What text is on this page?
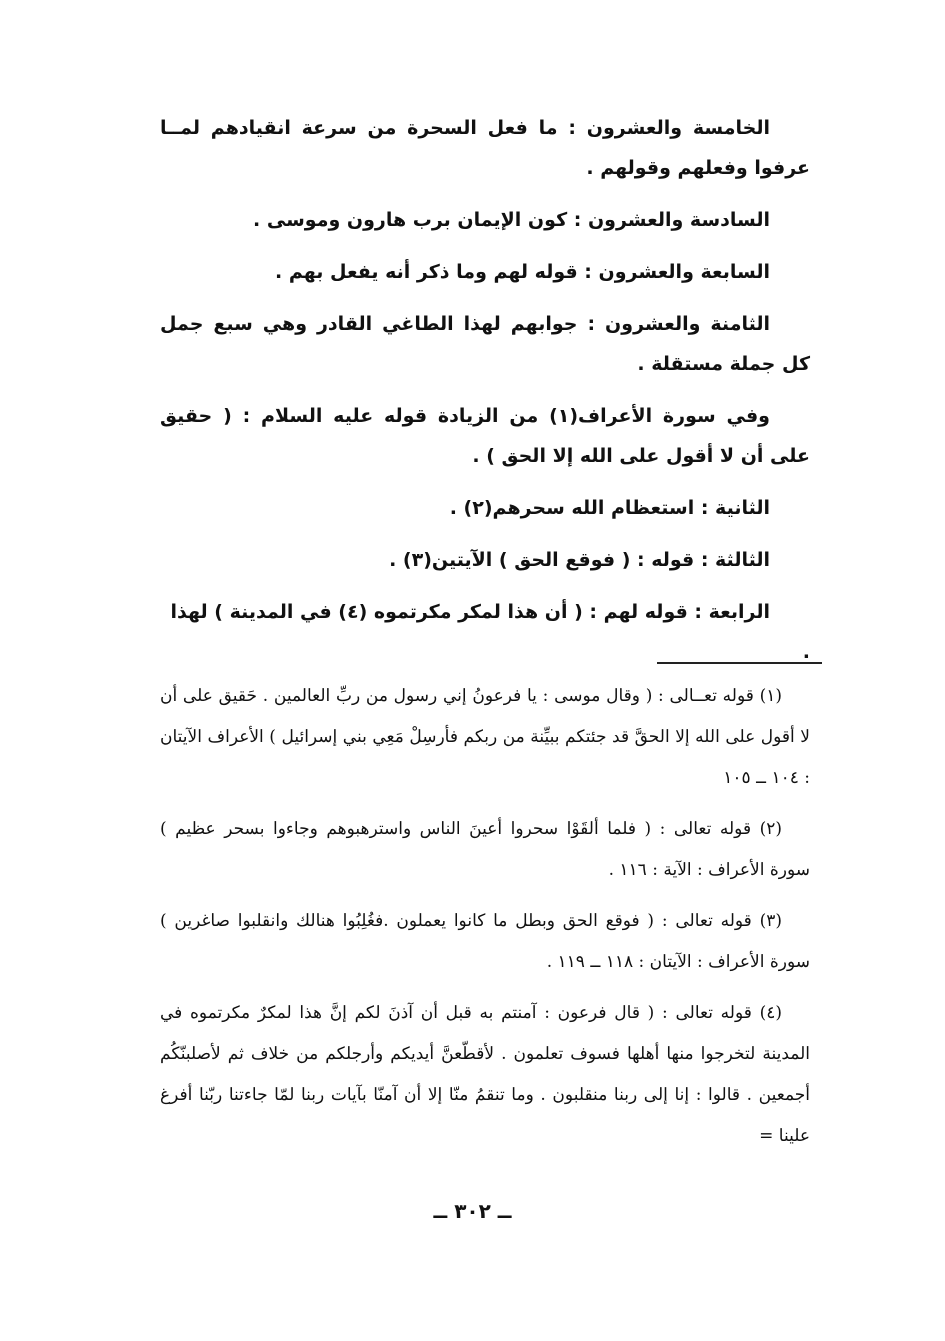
الخامسة والعشرون : ما فعل السحرة من سرعة انقيادهم لمــا عرفوا وفعلهم وقولهم .

السادسة والعشرون : كون الإيمان برب هارون وموسى .

السابعة والعشرون : قوله لهم وما ذكر أنه يفعل بهم .

الثامنة والعشرون : جوابهم لهذا الطاغي القادر وهي سبع جمل كل جملة مستقلة .

وفي سورة الأعراف(١) من الزيادة قوله عليه السلام : ( حقيق على أن لا أقول على الله إلا الحق ) .

الثانية : استعظام الله سحرهم(٢) .

الثالثة : قوله : ( فوقع الحق ) الآيتين(٣) .

الرابعة : قوله لهم : ( أن هذا لمكر مكرتموه (٤) في المدينة ) لهذا .

(١) قوله تعــالى : ( وقال موسى : يا فرعونُ إني رسول من ربِّ العالمين . حَقيق على أن لا أقول على الله إلا الحقَّ قد جئتكم ببيِّنة من ربكم فأرسِلْ مَعِي بني إسرائيل ) الأعراف الآيتان : ١٠٤ ــ ١٠٥

(٢) قوله تعالى : ( فلما ألقَوْا سحروا أعينَ الناس واسترهبوهم وجاءوا بسحر عظيم ) سورة الأعراف : الآية : ١١٦ .

(٣) قوله تعالى : ( فوقع الحق وبطل ما كانوا يعملون .فغُلِبُوا هنالك وانقلبوا صاغرين ) سورة الأعراف : الآيتان : ١١٨ ــ ١١٩ .

(٤) قوله تعالى : ( قال فرعون : آمنتم به قبل أن آذنَ لكم إنَّ هذا لمكرٌ مكرتموه في المدينة لتخرجوا منها أهلها فسوف تعلمون . لأقطّعنَّ أيديكم وأرجلكم من خلاف ثم لأصلبنّكُم أجمعين . قالوا : إنا إلى ربنا منقلبون . وما تنقمُ منّا إلا أن آمنّا بآيات ربنا لمّا جاءتنا ربّنا أفرغ علينا =

ــ ٣٠٢ ــ
